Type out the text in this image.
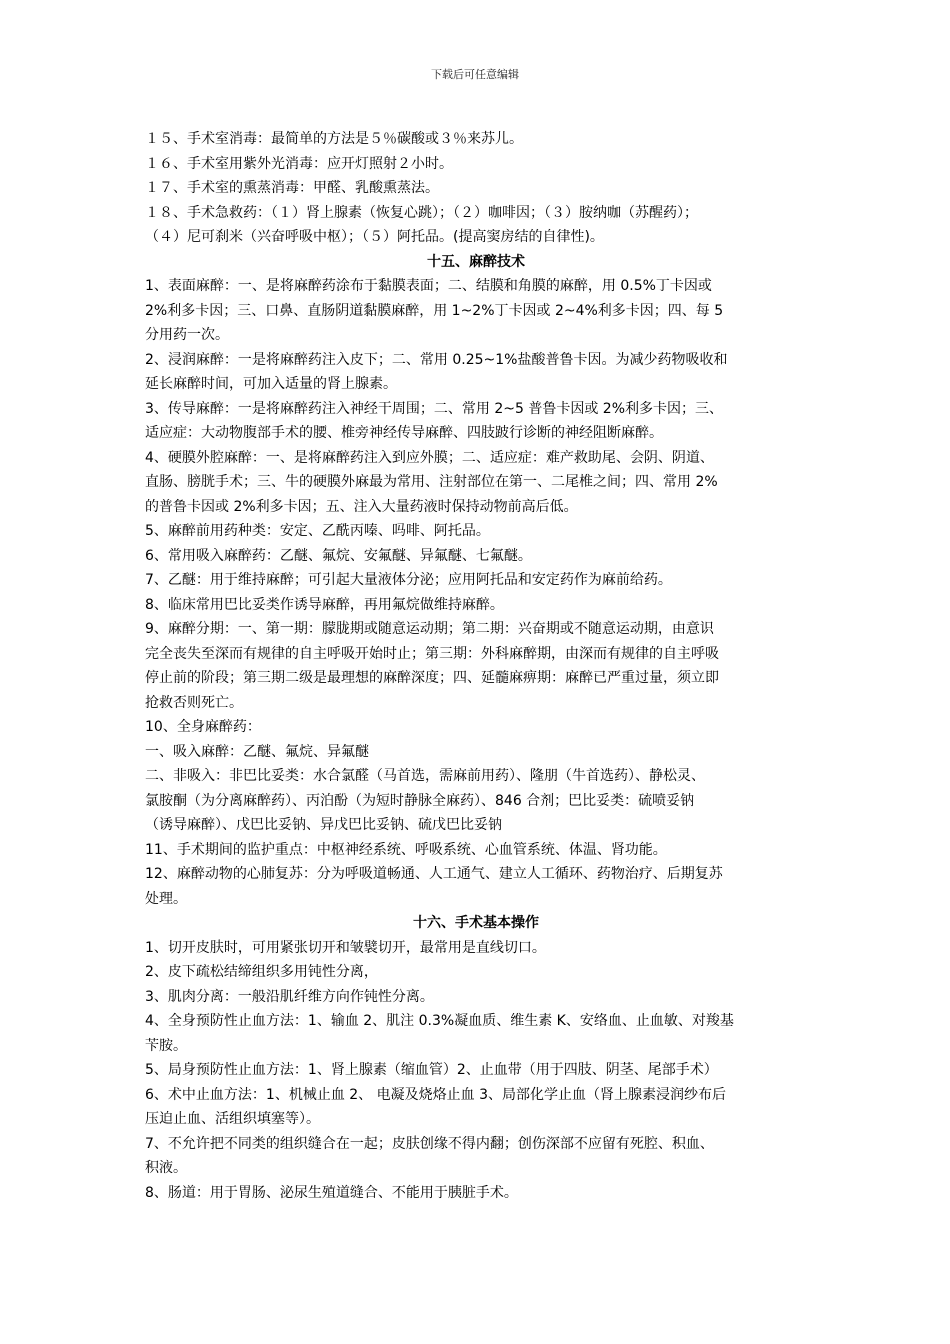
下载后可任意编辑
１５、手术室消毒：最简单的方法是５％碳酸或３％来苏儿。
１６、手术室用紫外光消毒：应开灯照射２小时。
１７、手术室的熏蒸消毒：甲醛、乳酸熏蒸法。
１８、手术急救药：（１）肾上腺素（恢复心跳）；（２）咖啡因；（３）胺纳咖（苏醒药）；
（４）尼可刹米（兴奋呼吸中枢）；（５）阿托品。(提高窦房结的自律性)。
十五、麻醉技术
1、表面麻醉：一、是将麻醉药涂布于黏膜表面；二、结膜和角膜的麻醉，用 0.5%丁卡因或
2%利多卡因；三、口鼻、直肠阴道黏膜麻醉，用 1~2%丁卡因或 2~4%利多卡因；四、每 5
分用药一次。
2、浸润麻醉：一是将麻醉药注入皮下；二、常用 0.25~1%盐酸普鲁卡因。为减少药物吸收和
延长麻醉时间，可加入适量的肾上腺素。
3、传导麻醉：一是将麻醉药注入神经干周围；二、常用 2~5 普鲁卡因或 2%利多卡因；三、
适应症：大动物腹部手术的腰、椎旁神经传导麻醉、四肢跛行诊断的神经阻断麻醉。
4、硬膜外腔麻醉：一、是将麻醉药注入到应外膜；二、适应症：难产救助尾、会阴、阴道、
直肠、膀胱手术；三、牛的硬膜外麻最为常用、注射部位在第一、二尾椎之间；四、常用 2%
的普鲁卡因或 2%利多卡因；五、注入大量药液时保持动物前高后低。
5、麻醉前用药种类：安定、乙酰丙嗪、吗啡、阿托品。
6、常用吸入麻醉药：乙醚、氟烷、安氟醚、异氟醚、七氟醚。
7、乙醚：用于维持麻醉；可引起大量液体分泌；应用阿托品和安定药作为麻前给药。
8、临床常用巴比妥类作诱导麻醉，再用氟烷做维持麻醉。
9、麻醉分期：一、第一期：朦胧期或随意运动期；第二期：兴奋期或不随意运动期，由意识
完全丧失至深而有规律的自主呼吸开始时止；第三期：外科麻醉期，由深而有规律的自主呼吸
停止前的阶段；第三期二级是最理想的麻醉深度；四、延髓麻痹期：麻醉已严重过量，须立即
抢救否则死亡。
10、全身麻醉药：
一、吸入麻醉：乙醚、氟烷、异氟醚
二、非吸入：非巴比妥类：水合氯醛（马首选，需麻前用药）、隆朋（牛首选药）、静松灵、
氯胺酮（为分离麻醉药）、丙泊酚（为短时静脉全麻药）、846 合剂；巴比妥类：硫喷妥钠
（诱导麻醉）、戊巴比妥钠、异戊巴比妥钠、硫戊巴比妥钠
11、手术期间的监护重点：中枢神经系统、呼吸系统、心血管系统、体温、肾功能。
12、麻醉动物的心肺复苏：分为呼吸道畅通、人工通气、建立人工循环、药物治疗、后期复苏
处理。
十六、手术基本操作
1、切开皮肤时，可用紧张切开和皱襞切开，最常用是直线切口。
2、皮下疏松结缔组织多用钝性分离，
3、肌肉分离：一般沿肌纤维方向作钝性分离。
4、全身预防性止血方法：1、输血 2、肌注 0.3%凝血质、维生素 K、安络血、止血敏、对羧基
苄胺。
5、局身预防性止血方法：1、肾上腺素（缩血管）2、止血带（用于四肢、阴茎、尾部手术）
6、术中止血方法：1、机械止血 2、 电凝及烧烙止血 3、局部化学止血（肾上腺素浸润纱布后
压迫止血、活组织填塞等）。
7、不允许把不同类的组织缝合在一起；皮肤创缘不得内翻；创伤深部不应留有死腔、积血、
积液。
8、肠道：用于胃肠、泌尿生殖道缝合、不能用于胰脏手术。
